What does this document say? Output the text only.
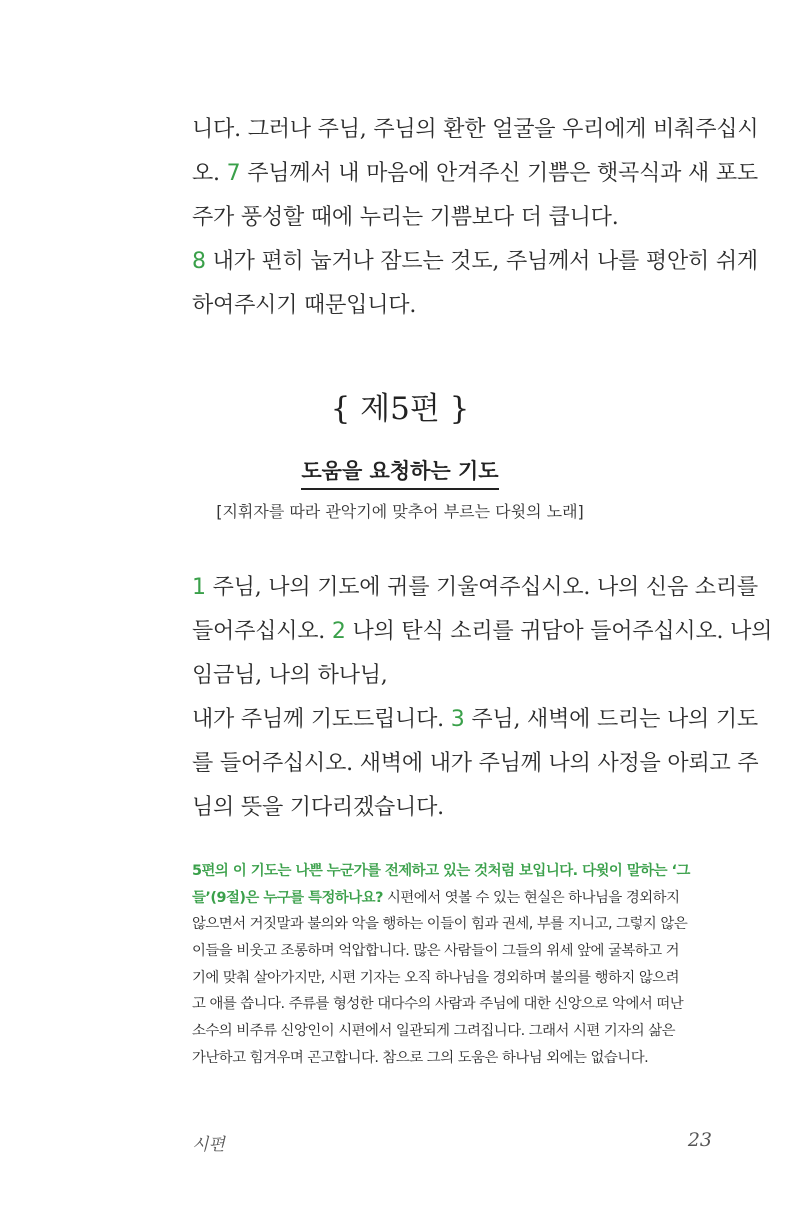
니다. 그러나 주님, 주님의 환한 얼굴을 우리에게 비춰주십시
오. 7 주님께서 내 마음에 안겨주신 기쁨은 햇곡식과 새 포도
주가 풍성할 때에 누리는 기쁨보다 더 큽니다.
8 내가 편히 눕거나 잠드는 것도, 주님께서 나를 평안히 쉬게
하여주시기 때문입니다.
{ 제5편 }
도움을 요청하는 기도
[지휘자를 따라 관악기에 맞추어 부르는 다윗의 노래]
1 주님, 나의 기도에 귀를 기울여주십시오. 나의 신음 소리를
들어주십시오. 2 나의 탄식 소리를 귀담아 들어주십시오. 나의
임금님, 나의 하나님,
내가 주님께 기도드립니다. 3 주님, 새벽에 드리는 나의 기도
를 들어주십시오. 새벽에 내가 주님께 나의 사정을 아뢰고 주
님의 뜻을 기다리겠습니다.
5편의 이 기도는 나쁜 누군가를 전제하고 있는 것처럼 보입니다. 다윗이 말하는 ‘그
들’(9절)은 누구를 특정하나요? 시편에서 엿볼 수 있는 현실은 하나님을 경외하지
않으면서 거짓말과 불의와 악을 행하는 이들이 힘과 권세, 부를 지니고, 그렇지 않은
이들을 비웃고 조롱하며 억압합니다. 많은 사람들이 그들의 위세 앞에 굴복하고 거
기에 맞춰 살아가지만, 시편 기자는 오직 하나님을 경외하며 불의를 행하지 않으려
고 애를 씁니다. 주류를 형성한 대다수의 사람과 주님에 대한 신앙으로 악에서 떠난
소수의 비주류 신앙인이 시편에서 일관되게 그려집니다. 그래서 시편 기자의 삶은
가난하고 힘겨우며 곤고합니다. 참으로 그의 도움은 하나님 외에는 없습니다.
시편	23
